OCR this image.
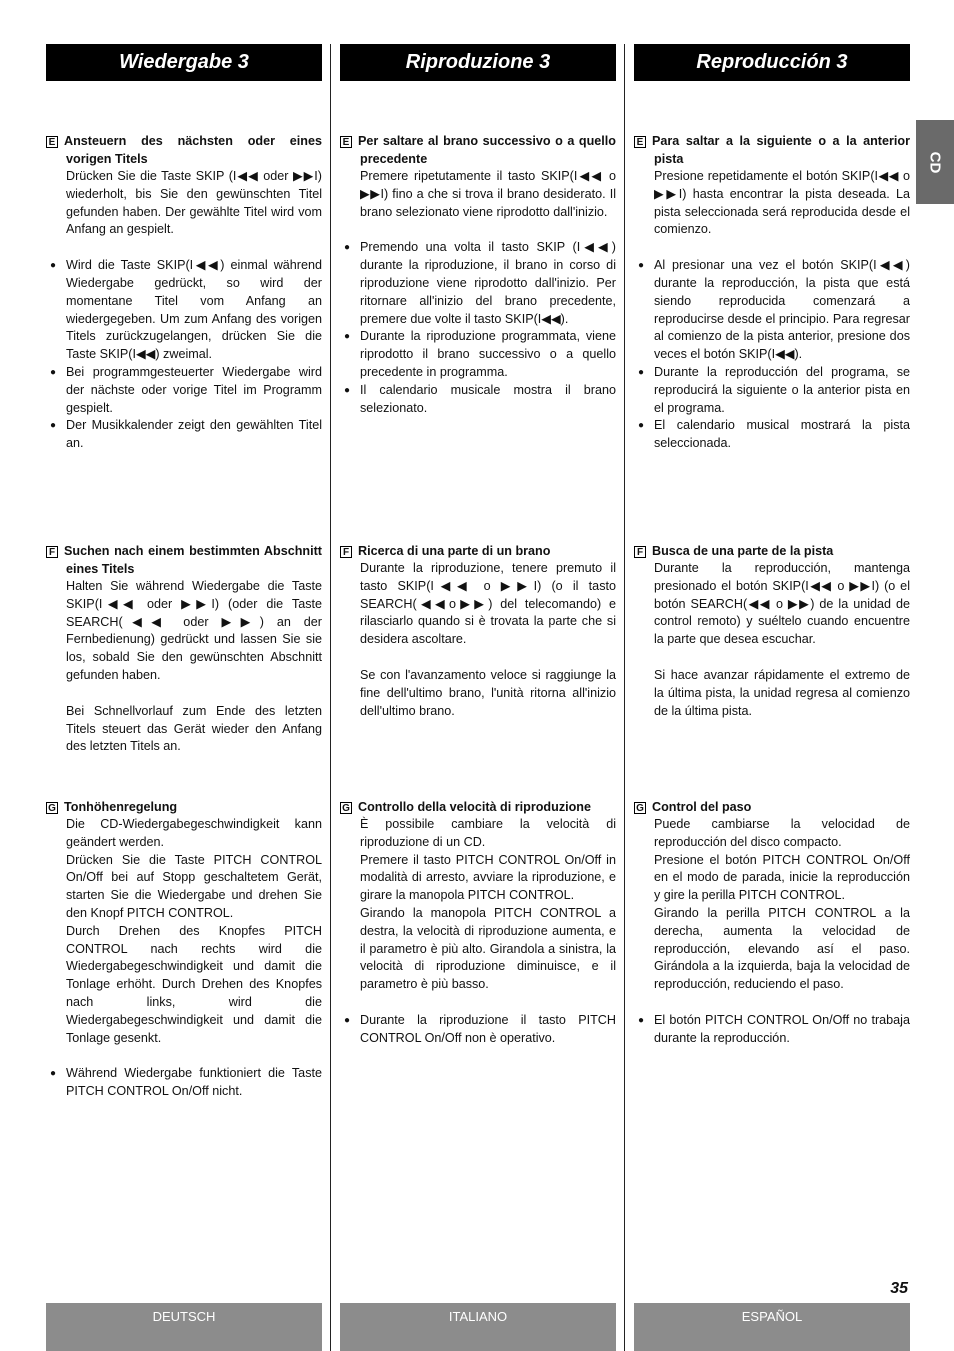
CD
35
Wiedergabe 3
E Ansteuern des nächsten oder eines vorigen Titels

Drücken Sie die Taste SKIP (I◀◀ oder ▶▶I) wiederholt, bis Sie den gewünschten Titel gefunden haben. Der gewählte Titel wird vom Anfang an gespielt.

● Wird die Taste SKIP(I◀◀) einmal während Wiedergabe gedrückt, so wird der momentane Titel vom Anfang an wiedergegeben. Um zum Anfang des vorigen Titels zurückzugelangen, drücken Sie die Taste SKIP(I◀◀) zweimal.
● Bei programmgesteuerter Wiedergabe wird der nächste oder vorige Titel im Programm gespielt.
● Der Musikkalender zeigt den gewählten Titel an.
F Suchen nach einem bestimmten Abschnitt eines Titels

Halten Sie während Wiedergabe die Taste SKIP(I◀◀ oder ▶▶I) (oder die Taste SEARCH(◀◀ oder ▶▶) an der Fernbedienung) gedrückt und lassen Sie sie los, sobald Sie den gewünschten Abschnitt gefunden haben.

Bei Schnellvorlauf zum Ende des letzten Titels steuert das Gerät wieder den Anfang des letzten Titels an.

G Tonhöhenregelung

Die CD-Wiedergabegeschwindigkeit kann geändert werden.
Drücken Sie die Taste PITCH CONTROL On/Off bei auf Stopp geschaltetem Gerät, starten Sie die Wiedergabe und drehen Sie den Knopf PITCH CONTROL.
Durch Drehen des Knopfes PITCH CONTROL nach rechts wird die Wiedergabegeschwindigkeit und damit die Tonlage erhöht. Durch Drehen des Knopfes nach links, wird die Wiedergabegeschwindigkeit und damit die Tonlage gesenkt.

● Während Wiedergabe funktioniert die Taste PITCH CONTROL On/Off nicht.
DEUTSCH
Riproduzione 3
E Per saltare al brano successivo o a quello precedente

Premere ripetutamente il tasto SKIP(I◀◀ o ▶▶I) fino a che si trova il brano desiderato. Il brano selezionato viene riprodotto dall'inizio.

● Premendo una volta il tasto SKIP (I◀◀) durante la riproduzione, il brano in corso di riproduzione viene riprodotto dall'inizio. Per ritornare all'inizio del brano precedente, premere due volte il tasto SKIP(I◀◀).
● Durante la riproduzione programmata, viene riprodotto il brano successivo o a quello precedente in programma.
● Il calendario musicale mostra il brano selezionato.
F Ricerca di una parte di un brano

Durante la riproduzione, tenere premuto il tasto SKIP(I◀◀ o ▶▶I) (o il tasto SEARCH(◀◀o▶▶) del telecomando) e rilasciarlo quando si è trovata la parte che si desidera ascoltare.

Se con l'avanzamento veloce si raggiunge la fine dell'ultimo brano, l'unità ritorna all'inizio dell'ultimo brano.

G Controllo della velocità di riproduzione

È possibile cambiare la velocità di riproduzione di un CD.
Premere il tasto PITCH CONTROL On/Off in modalità di arresto, avviare la riproduzione, e girare la manopola PITCH CONTROL.
Girando la manopola PITCH CONTROL a destra, la velocità di riproduzione aumenta, e il parametro è più alto. Girandola a sinistra, la velocità di riproduzione diminuisce, e il parametro è più basso.

● Durante la riproduzione il tasto PITCH CONTROL On/Off non è operativo.
ITALIANO
Reproducción 3
E Para saltar a la siguiente o a la anterior pista

Presione repetidamente el botón SKIP(I◀◀ o ▶▶I) hasta encontrar la pista deseada. La pista seleccionada será reproducida desde el comienzo.

● Al presionar una vez el botón SKIP(I◀◀) durante la reproducción, la pista que está siendo reproducida comenzará a reproducirse desde el principio. Para regresar al comienzo de la pista anterior, presione dos veces el botón SKIP(I◀◀).
● Durante la reproducción del programa, se reproducirá la siguiente o la anterior pista en el programa.
● El calendario musical mostrará la pista seleccionada.
F Busca de una parte de la pista

Durante la reproducción, mantenga presionado el botón SKIP(I◀◀ o ▶▶I) (o el botón SEARCH(◀◀ o ▶▶) de la unidad de control remoto) y suéltelo cuando encuentre la parte que desea escuchar.

Si hace avanzar rápidamente el extremo de la última pista, la unidad regresa al comienzo de la última pista.

G Control del paso

Puede cambiarse la velocidad de reproducción del disco compacto.
Presione el botón PITCH CONTROL On/Off en el modo de parada, inicie la reproducción y gire la perilla PITCH CONTROL.
Girando la perilla PITCH CONTROL a la derecha, aumenta la velocidad de reproducción, elevando así el paso. Girándola a la izquierda, baja la velocidad de reproducción, reduciendo el paso.

● El botón PITCH CONTROL On/Off no trabaja durante la reproducción.
ESPAÑOL
